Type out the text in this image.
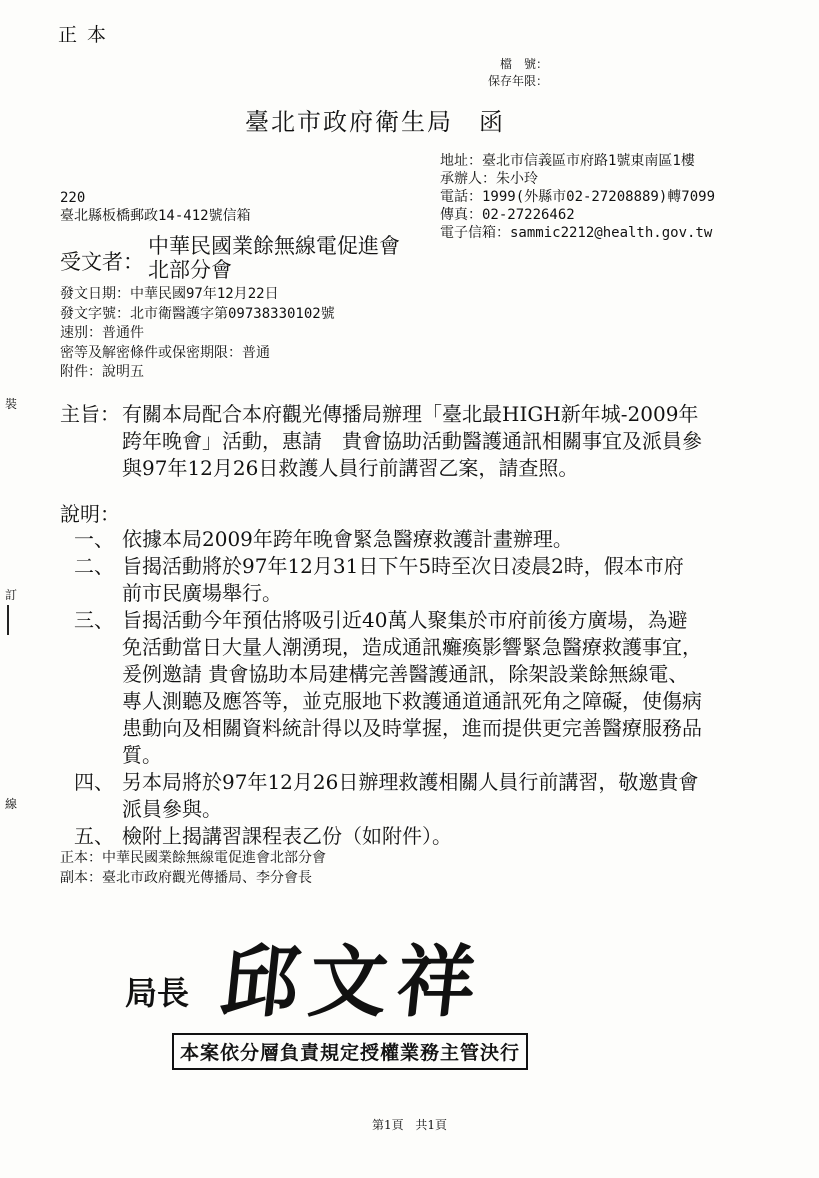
正本
檔　號：
保存年限：
臺北市政府衛生局　函
地址：臺北市信義區市府路1號東南區1樓
承辦人：朱小玲
電話：1999(外縣市02-27208889)轉7099
傳真：02-27226462
電子信箱：sammic2212@health.gov.tw
220
臺北縣板橋郵政14-412號信箱
受文者：
中華民國業餘無線電促進會
北部分會
發文日期：中華民國97年12月22日
發文字號：北市衛醫護字第09738330102號
速別：普通件
密等及解密條件或保密期限：普通
附件：說明五
主旨： 有關本局配合本府觀光傳播局辦理「臺北最HIGH新年城-2009年跨年晚會」活動，惠請　貴會協助活動醫護通訊相關事宜及派員參與97年12月26日救護人員行前講習乙案，請查照。
說明：
一、 依據本局2009年跨年晚會緊急醫療救護計畫辦理。
二、 旨揭活動將於97年12月31日下午5時至次日凌晨2時，假本市府前市民廣場舉行。
三、 旨揭活動今年預估將吸引近40萬人聚集於市府前後方廣場，為避免活動當日大量人潮湧現，造成通訊癱瘓影響緊急醫療救護事宜，爰例邀請 貴會協助本局建構完善醫護通訊，除架設業餘無線電、專人測聽及應答等，並克服地下救護通道通訊死角之障礙，使傷病患動向及相關資料統計得以及時掌握，進而提供更完善醫療服務品質。
四、 另本局將於97年12月26日辦理救護相關人員行前講習，敬邀貴會派員參與。
五、 檢附上揭講習課程表乙份（如附件）。
正本：中華民國業餘無線電促進會北部分會
副本：臺北市政府觀光傳播局、李分會長
裝
訂
線
局長 邱文祥
本案依分層負責規定授權業務主管決行
第1頁 共1頁
